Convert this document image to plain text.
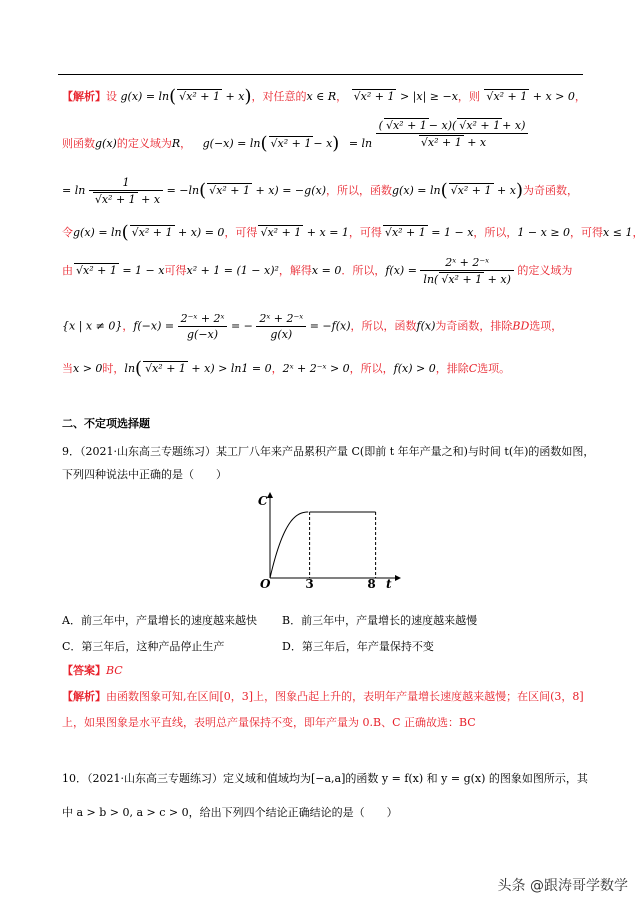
【解析】设 g(x) = ln( √ x² + 1 + x)，对任意的x ∈ R， √ x² + 1 > |x| ≥ −x，则 √ x² + 1 + x > 0，
则函数g(x)的定义域为R， g(−x) = ln( √ x² + 1 − x) = ln ( √ x² + 1 − x)( √ x² + 1 + x)
√ x² + 1 + x
= ln 1
√ x² + 1 + x = −ln( √ x² + 1 + x) = −g(x)，所以，函数g(x) = ln( √ x² + 1 + x)为奇函数，
令g(x) = ln( √ x² + 1 + x) = 0，可得 √ x² + 1 + x = 1，可得 √ x² + 1 = 1 − x，所以，1 − x ≥ 0，可得x ≤ 1，
由 √ x² + 1 = 1 − x可得x² + 1 = (1 − x)²，解得x = 0．所以，$f(x) = \frac{\text{2ˣ + 2⁻ˣ}}{\text{ln( √ x² + 1 + x)}}$ 的定义域为
{x | x ≠ 0}，$f(-x) = \frac{\text{2⁻ˣ + 2ˣ}}{g(-x)}$ = − $\frac{\text{2ˣ + 2⁻ˣ}}{g(x)} = -f(x)$，所以，函数f(x)为奇函数，排除BD选项，
当x > 0时，ln( √ x² + 1 + x) > ln1 = 0，2ˣ + 2⁻ˣ > 0，所以，f(x) > 0，排除C选项。
二、不定项选择题
9．（2021·山东高三专题练习）某工厂八年来产品累积产量 C(即前 t 年年产量之和)与时间 t(年)的函数如图，
下列四种说法中正确的是（　　）
C
O	3	8 t
A．前三年中，产量增长的速度越来越快 B．前三年中，产量增长的速度越来越慢
C．第三年后，这种产品停止生产	D．第三年后，年产量保持不变
【答案】BC
【解析】由函数图象可知,在区间[0，3]上，图象凸起上升的，表明年产量增长速度越来越慢；在区间(3，8]
上，如果图象是水平直线，表明总产量保持不变，即年产量为 0.B、C 正确故选：BC
10．（2021·山东高三专题练习）定义域和值域均为[−a,a]的函数 y = f(x) 和 y = g(x) 的图象如图所示，其
中 a > b > 0, a > c > 0，给出下列四个结论正确结论的是（　　）
头条 @跟涛哥学数学
